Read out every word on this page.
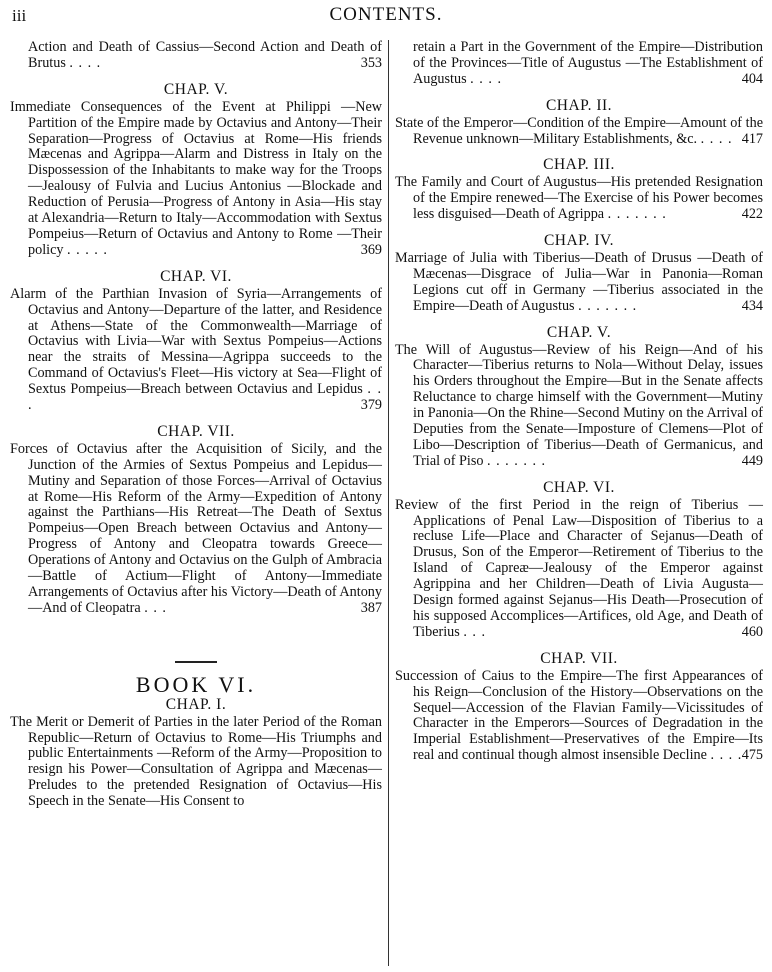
iii	CONTENTS.

Action and Death of Cassius—Second Action and Death of Brutus . . . .	353

CHAP. V.

Immediate Consequences of the Event at Philippi —New Partition of the Empire made by Octavius and Antony—Their Separation—Progress of Octavius at Rome—His friends Mæcenas and Agrippa—Alarm and Distress in Italy on the Dispossession of the Inhabitants to make way for the Troops—Jealousy of Fulvia and Lucius Antonius —Blockade and Reduction of Perusia—Progress of Antony in Asia—His stay at Alexandria—Return to Italy—Accommodation with Sextus Pompeius—Return of Octavius and Antony to Rome —Their policy . . . . .	369

CHAP. VI.

Alarm of the Parthian Invasion of Syria—Arrangements of Octavius and Antony—Departure of the latter, and Residence at Athens—State of the Commonwealth—Marriage of Octavius with Livia—War with Sextus Pompeius—Actions near the straits of Messina—Agrippa succeeds to the Command of Octavius's Fleet—His victory at Sea—Flight of Sextus Pompeius—Breach between Octavius and Lepidus . . .	379

CHAP. VII.

Forces of Octavius after the Acquisition of Sicily, and the Junction of the Armies of Sextus Pompeius and Lepidus—Mutiny and Separation of those Forces—Arrival of Octavius at Rome—His Reform of the Army—Expedition of Antony against the Parthians—His Retreat—The Death of Sextus Pompeius—Open Breach between Octavius and Antony—Progress of Antony and Cleopatra towards Greece—Operations of Antony and Octavius on the Gulph of Ambracia—Battle of Actium—Flight of Antony—Immediate Arrangements of Octavius after his Victory—Death of Antony—And of Cleopatra . . .	387

BOOK VI.
CHAP. I.

The Merit or Demerit of Parties in the later Period of the Roman Republic—Return of Octavius to Rome—His Triumphs and public Entertainments —Reform of the Army—Proposition to resign his Power—Consultation of Agrippa and Mæcenas—Preludes to the pretended Resignation of Octavius—His Speech in the Senate—His Consent to

retain a Part in the Government of the Empire—Distribution of the Provinces—Title of Augustus —The Establishment of Augustus . . . .	404

CHAP. II.

State of the Emperor—Condition of the Empire—Amount of the Revenue unknown—Military Establishments, &c. . . . . 417

CHAP. III.

The Family and Court of Augustus—His pretended Resignation of the Empire renewed—The Exercise of his Power becomes less disguised—Death of Agrippa . . . . . . .	422

CHAP. IV.

Marriage of Julia with Tiberius—Death of Drusus —Death of Mæcenas—Disgrace of Julia—War in Panonia—Roman Legions cut off in Germany —Tiberius associated in the Empire—Death of Augustus . . . . . . .	434

CHAP. V.

The Will of Augustus—Review of his Reign—And of his Character—Tiberius returns to Nola—Without Delay, issues his Orders throughout the Empire—But in the Senate affects Reluctance to charge himself with the Government—Mutiny in Panonia—On the Rhine—Second Mutiny on the Arrival of Deputies from the Senate—Imposture of Clemens—Plot of Libo—Description of Tiberius—Death of Germanicus, and Trial of Piso . . . . . . .	449

CHAP. VI.

Review of the first Period in the reign of Tiberius —Applications of Penal Law—Disposition of Tiberius to a recluse Life—Place and Character of Sejanus—Death of Drusus, Son of the Emperor—Retirement of Tiberius to the Island of Capreæ—Jealousy of the Emperor against Agrippina and her Children—Death of Livia Augusta—Design formed against Sejanus—His Death—Prosecution of his supposed Accomplices—Artifices, old Age, and Death of Tiberius . . .	460

CHAP. VII.

Succession of Caius to the Empire—The first Appearances of his Reign—Conclusion of the History—Observations on the Sequel—Accession of the Flavian Family—Vicissitudes of Character in the Emperors—Sources of Degradation in the Imperial Establishment—Preservatives of the Empire—Its real and continual though almost insensible Decline . . . . 475
